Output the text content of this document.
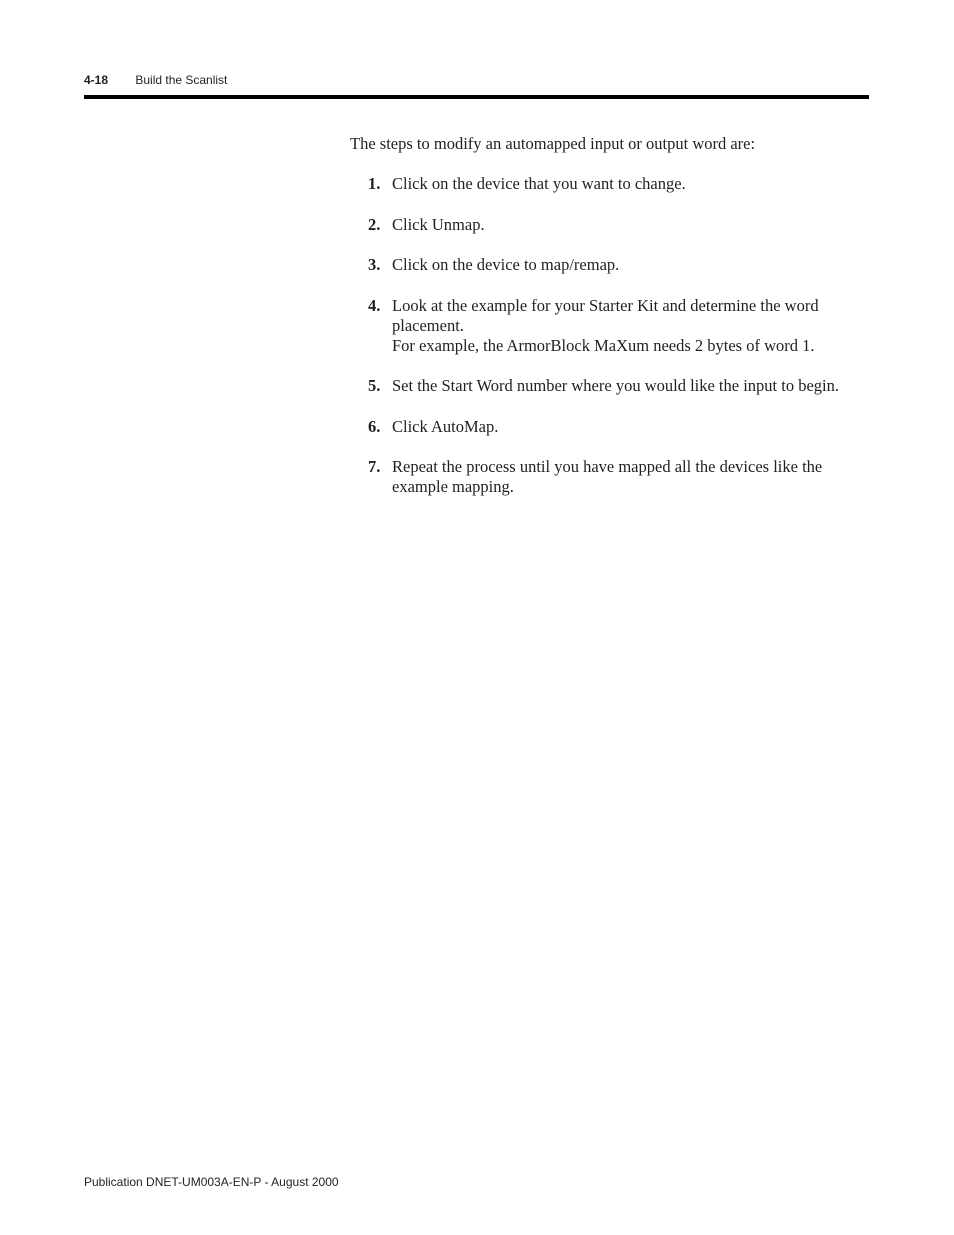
4-18 Build the Scanlist

The steps to modify an automapped input or output word are:

1. Click on the device that you want to change.
2. Click Unmap.
3. Click on the device to map/remap.
4. Look at the example for your Starter Kit and determine the word placement.
For example, the ArmorBlock MaXum needs 2 bytes of word 1.
5. Set the Start Word number where you would like the input to begin.
6. Click AutoMap.
7. Repeat the process until you have mapped all the devices like the example mapping.
Publication DNET-UM003A-EN-P - August 2000
